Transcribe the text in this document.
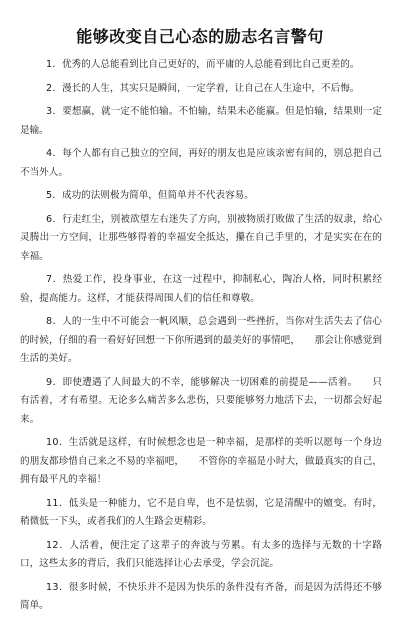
能够改变自己心态的励志名言警句

1．优秀的人总能看到比自己更好的，而平庸的人总能看到比自己更差的。

2．漫长的人生，其实只是瞬间，一定学着，让自己在人生途中，不后悔。

3．要想赢，就一定不能怕输。不怕输，结果未必能赢。但是怕输，结果则一定是输。

4．每个人都有自己独立的空间，再好的朋友也是应该亲密有间的，别总把自己不当外人。

5．成功的法则极为简单，但简单并不代表容易。

6．行走红尘，别被欲望左右迷失了方向，别被物质打败做了生活的奴隶，给心灵腾出一方空间，让那些够得着的幸福安全抵达，攥在自己手里的，才是实实在在的幸福。

7．热爱工作，投身事业，在这一过程中，抑制私心，陶冶人格，同时积累经验，提高能力。这样，才能获得周围人们的信任和尊敬。

8．人的一生中不可能会一帆风顺，总会遇到一些挫折，当你对生活失去了信心的时候，仔细的看一看好好回想一下你所遇到的最美好的事情吧，　　那会让你感觉到生活的美好。

9．即使遭遇了人间最大的不幸，能够解决一切困难的前提是——活着。　　只有活着，才有希望。无论多么痛苦多么悲伤，只要能够努力地活下去，一切都会好起来。

10．生活就是这样，有时候想念也是一种幸福，是那样的美听以愿每一个身边的朋友都珍惜自己来之不易的幸福吧，　　不管你的幸福是小时大，做最真实的自己，拥有最平凡的幸福！

11．低头是一种能力，它不是自卑，也不是怯弱，它是清醒中的嬗变。有时，稍微低一下头，或者我们的人生路会更精彩。

12．人活着，便注定了这辈子的奔波与劳累。有太多的选择与无数的十字路口，这些太多的背后，我们只能选择让心去承受，学会沉淀。

13．很多时候，不快乐并不是因为快乐的条件没有齐备，而是因为活得还不够简单。
